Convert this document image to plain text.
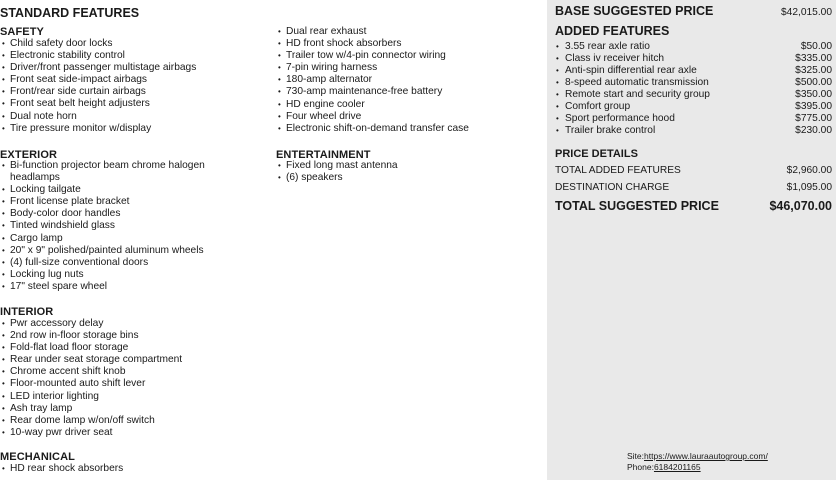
STANDARD FEATURES
SAFETY
• Child safety door locks
• Electronic stability control
• Driver/front passenger multistage airbags
• Front seat side-impact airbags
• Front/rear side curtain airbags
• Front seat belt height adjusters
• Dual note horn
• Tire pressure monitor w/display
EXTERIOR
• Bi-function projector beam chrome halogen headlamps
• Locking tailgate
• Front license plate bracket
• Body-color door handles
• Tinted windshield glass
• Cargo lamp
• 20" x 9" polished/painted aluminum wheels
• (4) full-size conventional doors
• Locking lug nuts
• 17" steel spare wheel
INTERIOR
• Pwr accessory delay
• 2nd row in-floor storage bins
• Fold-flat load floor storage
• Rear under seat storage compartment
• Chrome accent shift knob
• Floor-mounted auto shift lever
• LED interior lighting
• Ash tray lamp
• Rear dome lamp w/on/off switch
• 10-way pwr driver seat
MECHANICAL
• HD rear shock absorbers
• Dual rear exhaust
• HD front shock absorbers
• Trailer tow w/4-pin connector wiring
• 7-pin wiring harness
• 180-amp alternator
• 730-amp maintenance-free battery
• HD engine cooler
• Four wheel drive
• Electronic shift-on-demand transfer case
ENTERTAINMENT
• Fixed long mast antenna
• (6) speakers
BASE SUGGESTED PRICE	$42,015.00
ADDED FEATURES
• 3.55 rear axle ratio	$50.00
• Class iv receiver hitch	$335.00
• Anti-spin differential rear axle	$325.00
• 8-speed automatic transmission	$500.00
• Remote start and security group	$350.00
• Comfort group	$395.00
• Sport performance hood	$775.00
• Trailer brake control	$230.00
PRICE DETAILS
TOTAL ADDED FEATURES	$2,960.00
DESTINATION CHARGE	$1,095.00
TOTAL SUGGESTED PRICE	$46,070.00
Site:https://www.lauraautogroup.com/
Phone:6184201165
